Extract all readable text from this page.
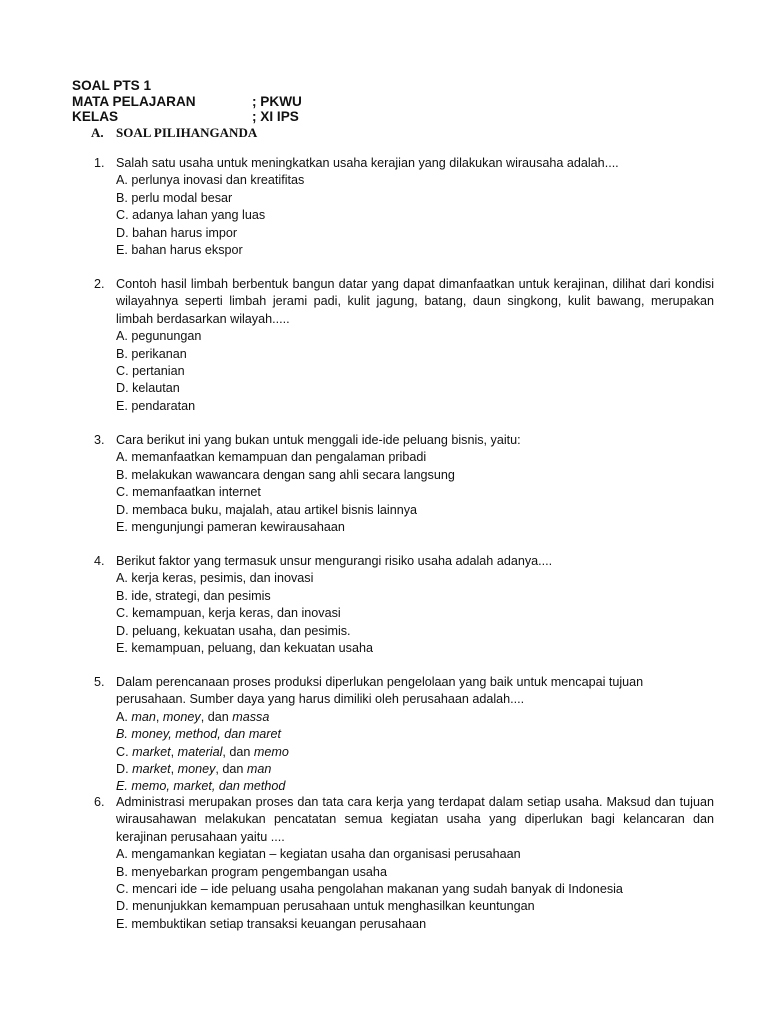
SOAL PTS 1
MATA PELAJARAN	; PKWU
KELAS	; XI IPS
A. SOAL PILIHANGANDA
1. Salah satu usaha untuk meningkatkan usaha kerajian yang dilakukan wirausaha adalah....
A. perlunya inovasi dan kreatifitas
B. perlu modal besar
C. adanya lahan yang luas
D. bahan harus impor
E. bahan harus ekspor
2. Contoh hasil limbah berbentuk bangun datar yang dapat dimanfaatkan untuk kerajinan, dilihat dari kondisi wilayahnya seperti limbah jerami padi, kulit jagung, batang, daun singkong, kulit bawang, merupakan limbah berdasarkan wilayah.....
A. pegunungan
B. perikanan
C. pertanian
D. kelautan
E. pendaratan
3. Cara berikut ini yang bukan untuk menggali ide-ide peluang bisnis, yaitu:
A. memanfaatkan kemampuan dan pengalaman pribadi
B. melakukan wawancara dengan sang ahli secara langsung
C. memanfaatkan internet
D. membaca buku, majalah, atau artikel bisnis lainnya
E. mengunjungi pameran kewirausahaan
4. Berikut faktor yang termasuk unsur mengurangi risiko usaha adalah adanya....
A. kerja keras, pesimis, dan inovasi
B. ide, strategi, dan pesimis
C. kemampuan, kerja keras, dan inovasi
D. peluang, kekuatan usaha, dan pesimis.
E. kemampuan, peluang, dan kekuatan usaha
5. Dalam perencanaan proses produksi diperlukan pengelolaan yang baik untuk mencapai tujuan perusahaan. Sumber daya yang harus dimiliki oleh perusahaan adalah....
A. man, money, dan massa
B. money, method, dan maret
C. market, material, dan memo
D. market, money, dan man
E. memo, market, dan method
6. Administrasi merupakan proses dan tata cara kerja yang terdapat dalam setiap usaha. Maksud dan tujuan wirausahawan melakukan pencatatan semua kegiatan usaha yang diperlukan bagi kelancaran dan kerajinan perusahaan yaitu ....
A. mengamankan kegiatan – kegiatan usaha dan organisasi perusahaan
B. menyebarkan program pengembangan usaha
C. mencari ide – ide peluang usaha pengolahan makanan yang sudah banyak di Indonesia
D. menunjukkan kemampuan perusahaan untuk menghasilkan keuntungan
E. membuktikan setiap transaksi keuangan perusahaan
